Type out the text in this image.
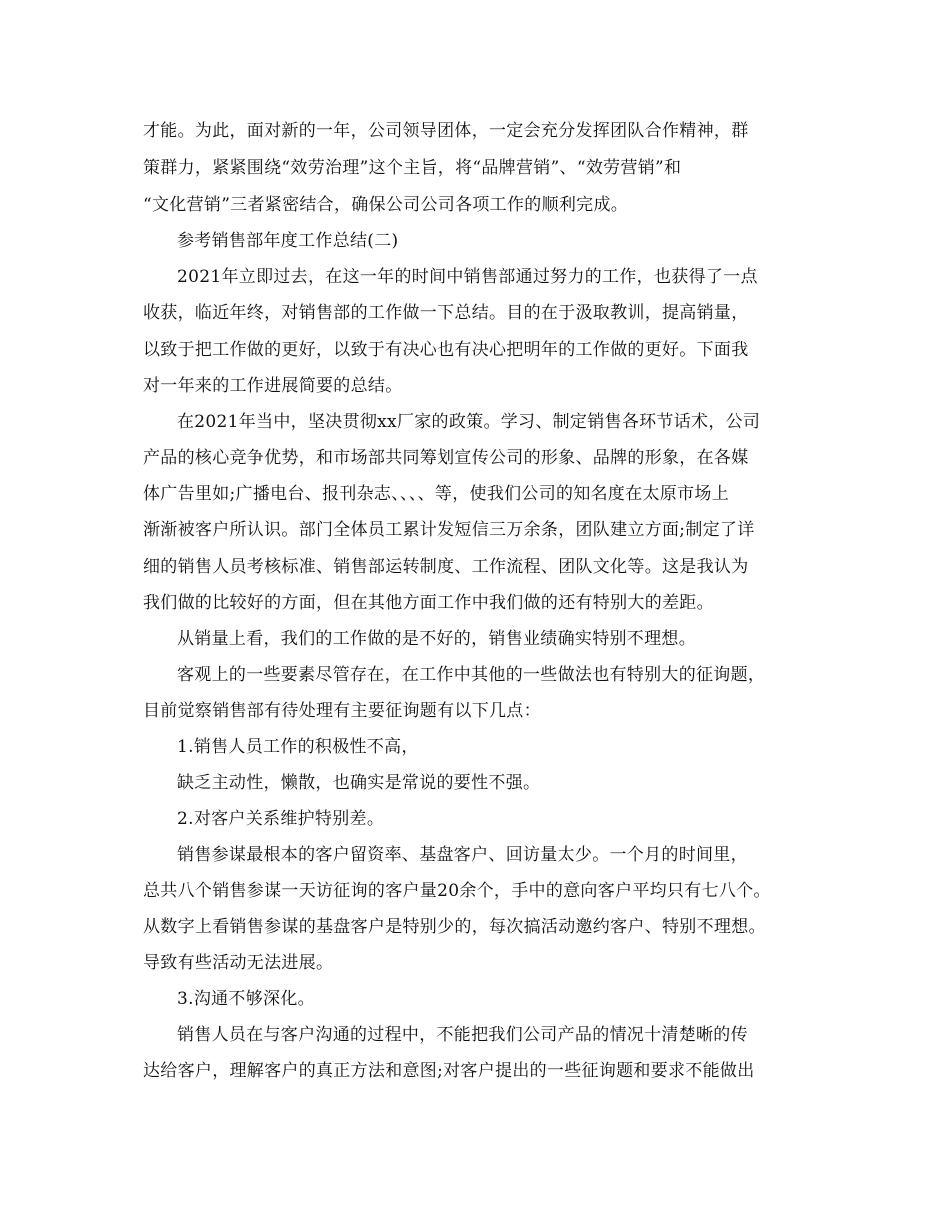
才能。为此，面对新的一年，公司领导团体，一定会充分发挥团队合作精神，群
策群力，紧紧围绕“效劳治理”这个主旨，将“品牌营销”、“效劳营销”和
“文化营销”三者紧密结合，确保公司公司各项工作的顺利完成。
参考销售部年度工作总结(二)
2021年立即过去，在这一年的时间中销售部通过努力的工作，也获得了一点
收获，临近年终，对销售部的工作做一下总结。目的在于汲取教训，提高销量，
以致于把工作做的更好，以致于有决心也有决心把明年的工作做的更好。下面我
对一年来的工作进展简要的总结。
在2021年当中，坚决贯彻xx厂家的政策。学习、制定销售各环节话术，公司
产品的核心竞争优势，和市场部共同筹划宣传公司的形象、品牌的形象，在各媒
体广告里如;广播电台、报刊杂志、、、、等，使我们公司的知名度在太原市场上
渐渐被客户所认识。部门全体员工累计发短信三万余条，团队建立方面;制定了详
细的销售人员考核标准、销售部运转制度、工作流程、团队文化等。这是我认为
我们做的比较好的方面，但在其他方面工作中我们做的还有特别大的差距。
从销量上看，我们的工作做的是不好的，销售业绩确实特别不理想。
客观上的一些要素尽管存在，在工作中其他的一些做法也有特别大的征询题，
目前觉察销售部有待处理有主要征询题有以下几点：
1.销售人员工作的积极性不高，
缺乏主动性，懒散，也确实是常说的要性不强。
2.对客户关系维护特别差。
销售参谋最根本的客户留资率、基盘客户、回访量太少。一个月的时间里，
总共八个销售参谋一天访征询的客户量20余个，手中的意向客户平均只有七八个。
从数字上看销售参谋的基盘客户是特别少的，每次搞活动邀约客户、特别不理想。
导致有些活动无法进展。
3.沟通不够深化。
销售人员在与客户沟通的过程中，不能把我们公司产品的情况十清楚晰的传
达给客户，理解客户的真正方法和意图;对客户提出的一些征询题和要求不能做出
